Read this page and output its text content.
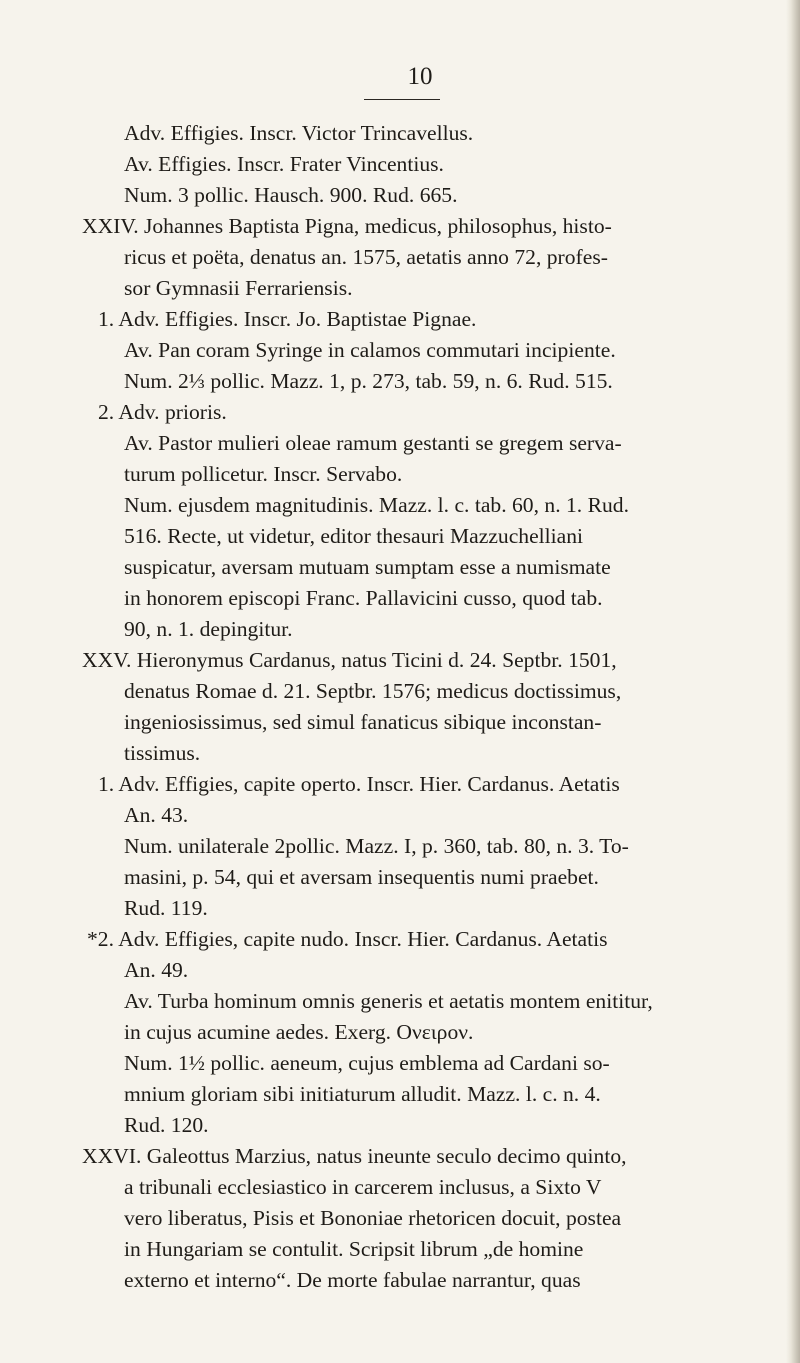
10
Adv. Effigies. Inscr. Victor Trincavellus.
Av. Effigies. Inscr. Frater Vincentius.
Num. 3 pollic. Hausch. 900. Rud. 665.
XXIV. Johannes Baptista Pigna, medicus, philosophus, histo-
ricus et poëta, denatus an. 1575, aetatis anno 72, profes-
sor Gymnasii Ferrariensis.
1. Adv. Effigies. Inscr. Jo. Baptistae Pignae.
Av. Pan coram Syringe in calamos commutari incipiente.
Num. 2⅓ pollic. Mazz. 1, p. 273, tab. 59, n. 6. Rud. 515.
2. Adv. prioris.
Av. Pastor mulieri oleae ramum gestanti se gregem serva-
turum pollicetur. Inscr. Servabo.
Num. ejusdem magnitudinis. Mazz. l. c. tab. 60, n. 1. Rud.
516. Recte, ut videtur, editor thesauri Mazzuchelliani
suspicatur, aversam mutuam sumptam esse a numismate
in honorem episcopi Franc. Pallavicini cusso, quod tab.
90, n. 1. depingitur.
XXV. Hieronymus Cardanus, natus Ticini d. 24. Septbr. 1501,
denatus Romae d. 21. Septbr. 1576; medicus doctissimus,
ingeniosissimus, sed simul fanaticus sibique inconstan-
tissimus.
1. Adv. Effigies, capite operto. Inscr. Hier. Cardanus. Aetatis
An. 43.
Num. unilaterale 2pollic. Mazz. I, p. 360, tab. 80, n. 3. To-
masini, p. 54, qui et aversam insequentis numi praebet.
Rud. 119.
*2. Adv. Effigies, capite nudo. Inscr. Hier. Cardanus. Aetatis
An. 49.
Av. Turba hominum omnis generis et aetatis montem enititur,
in cujus acumine aedes. Exerg. Ονειρον.
Num. 1½ pollic. aeneum, cujus emblema ad Cardani so-
mnium gloriam sibi initiaturum alludit. Mazz. l. c. n. 4.
Rud. 120.
XXVI. Galeottus Marzius, natus ineunte seculo decimo quinto,
a tribunali ecclesiastico in carcerem inclusus, a Sixto V
vero liberatus, Pisis et Bononiae rhetoricen docuit, postea
in Hungariam se contulit. Scripsit librum „de homine
externo et interno“. De morte fabulae narrantur, quas
